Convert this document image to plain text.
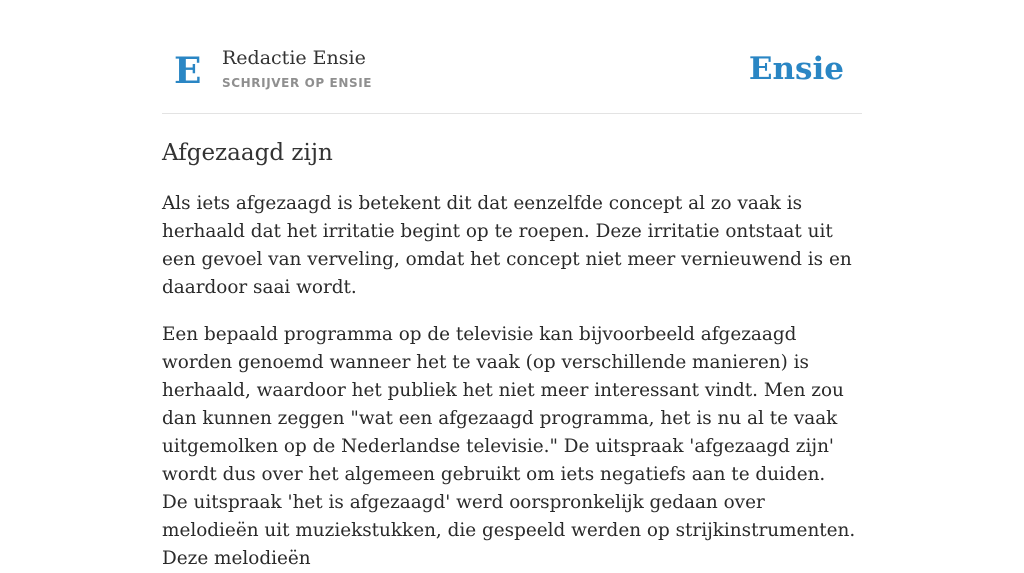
E Redactie Ensie
SCHRIJVER OP ENSIE	Ensie
Afgezaagd zijn

Als iets afgezaagd is betekent dit dat eenzelfde concept al zo vaak is herhaald dat het irritatie begint op te roepen. Deze irritatie ontstaat uit een gevoel van verveling, omdat het concept niet meer vernieuwend is en daardoor saai wordt.

Een bepaald programma op de televisie kan bijvoorbeeld afgezaagd worden genoemd wanneer het te vaak (op verschillende manieren) is herhaald, waardoor het publiek het niet meer interessant vindt. Men zou dan kunnen zeggen "wat een afgezaagd programma, het is nu al te vaak uitgemolken op de Nederlandse televisie." De uitspraak 'afgezaagd zijn' wordt dus over het algemeen gebruikt om iets negatiefs aan te duiden.

De uitspraak 'het is afgezaagd' werd oorspronkelijk gedaan over melodieën uit muziekstukken, die gespeeld werden op strijkinstrumenten. Deze melodieën
